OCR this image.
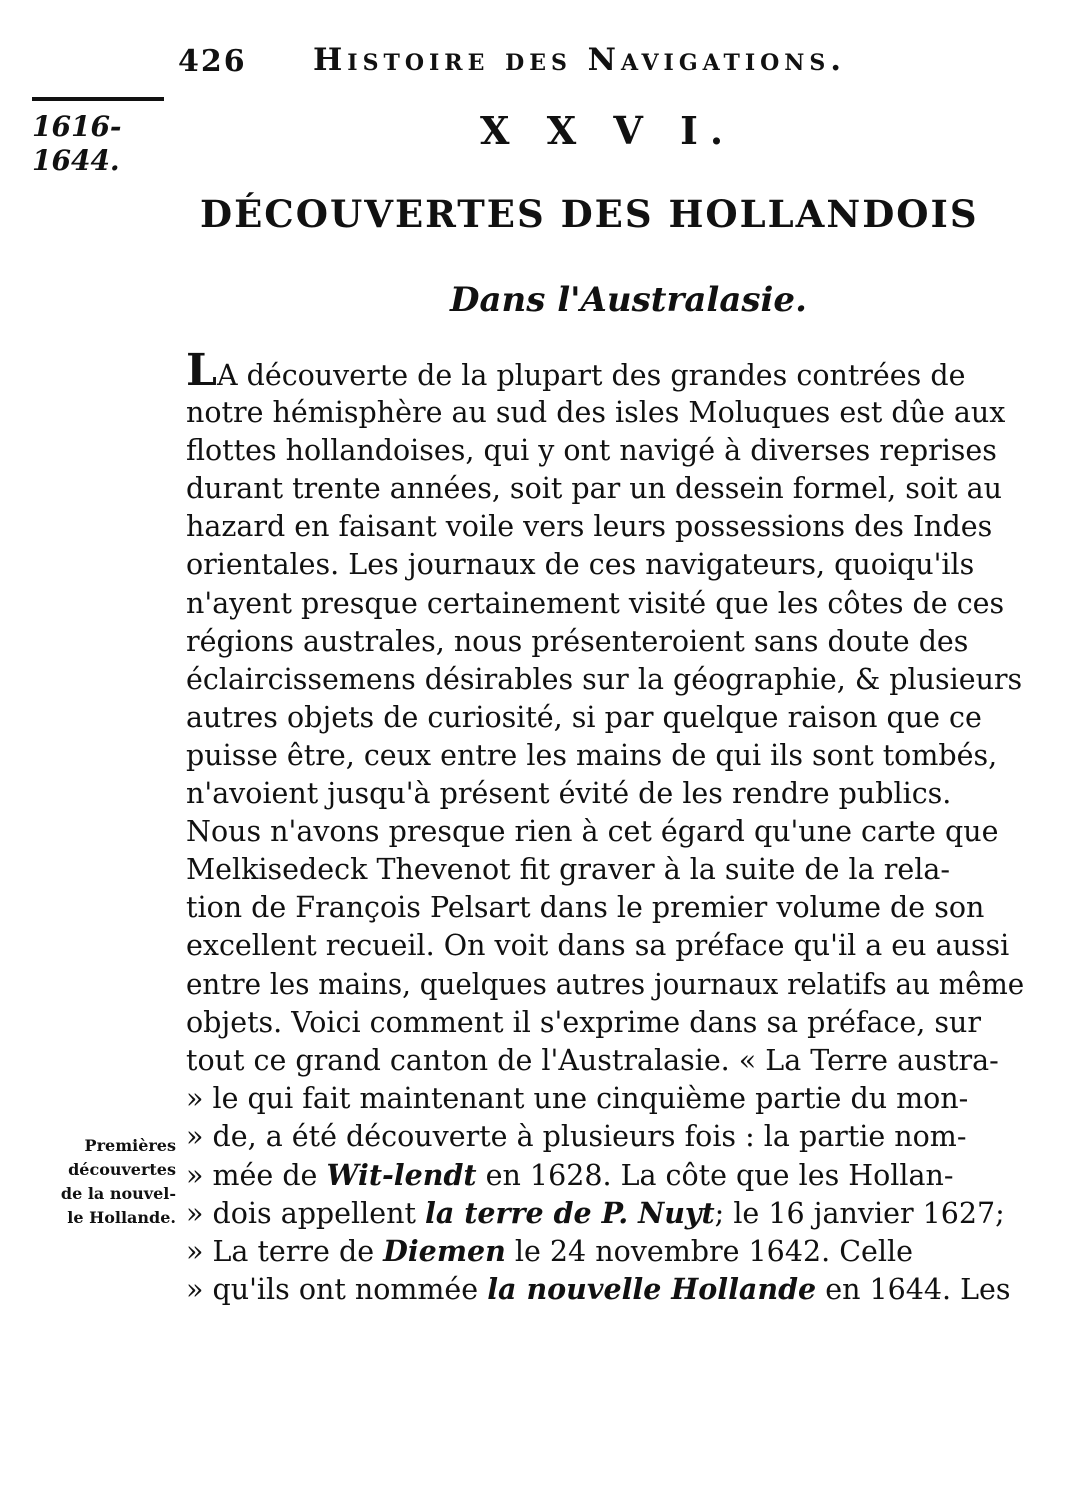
426 Histoire des Navigations.
1616-
1644.
X X V I.
DÉCOUVERTES DES HOLLANDOIS
Dans l'Australasie.
LA découverte de la plupart des grandes contrées de
notre hémisphère au sud des isles Moluques est dûe aux
flottes hollandoises, qui y ont navigé à diverses reprises
durant trente années, soit par un dessein formel, soit au
hazard en faisant voile vers leurs possessions des Indes
orientales. Les journaux de ces navigateurs, quoiqu'ils
n'ayent presque certainement visité que les côtes de ces
régions australes, nous présenteroient sans doute des
éclaircissemens désirables sur la géographie, & plusieurs
autres objets de curiosité, si par quelque raison que ce
puisse être, ceux entre les mains de qui ils sont tombés,
n'avoient jusqu'à présent évité de les rendre publics.
Nous n'avons presque rien à cet égard qu'une carte que
Melkisedeck Thevenot fit graver à la suite de la rela-
tion de François Pelsart dans le premier volume de son
excellent recueil. On voit dans sa préface qu'il a eu aussi
entre les mains, quelques autres journaux relatifs au même
objets. Voici comment il s'exprime dans sa préface, sur
tout ce grand canton de l'Australasie. « La Terre austra-
» le qui fait maintenant une cinquième partie du mon-
» de, a été découverte à plusieurs fois : la partie nom-
» mée de Wit-lendt en 1628. La côte que les Hollan-
» dois appellent la terre de P. Nuyt; le 16 janvier 1627;
» La terre de Diemen le 24 novembre 1642. Celle
» qu'ils ont nommée la nouvelle Hollande en 1644. Les
Premières
découvertes
de la nouvel-
le Hollande.
